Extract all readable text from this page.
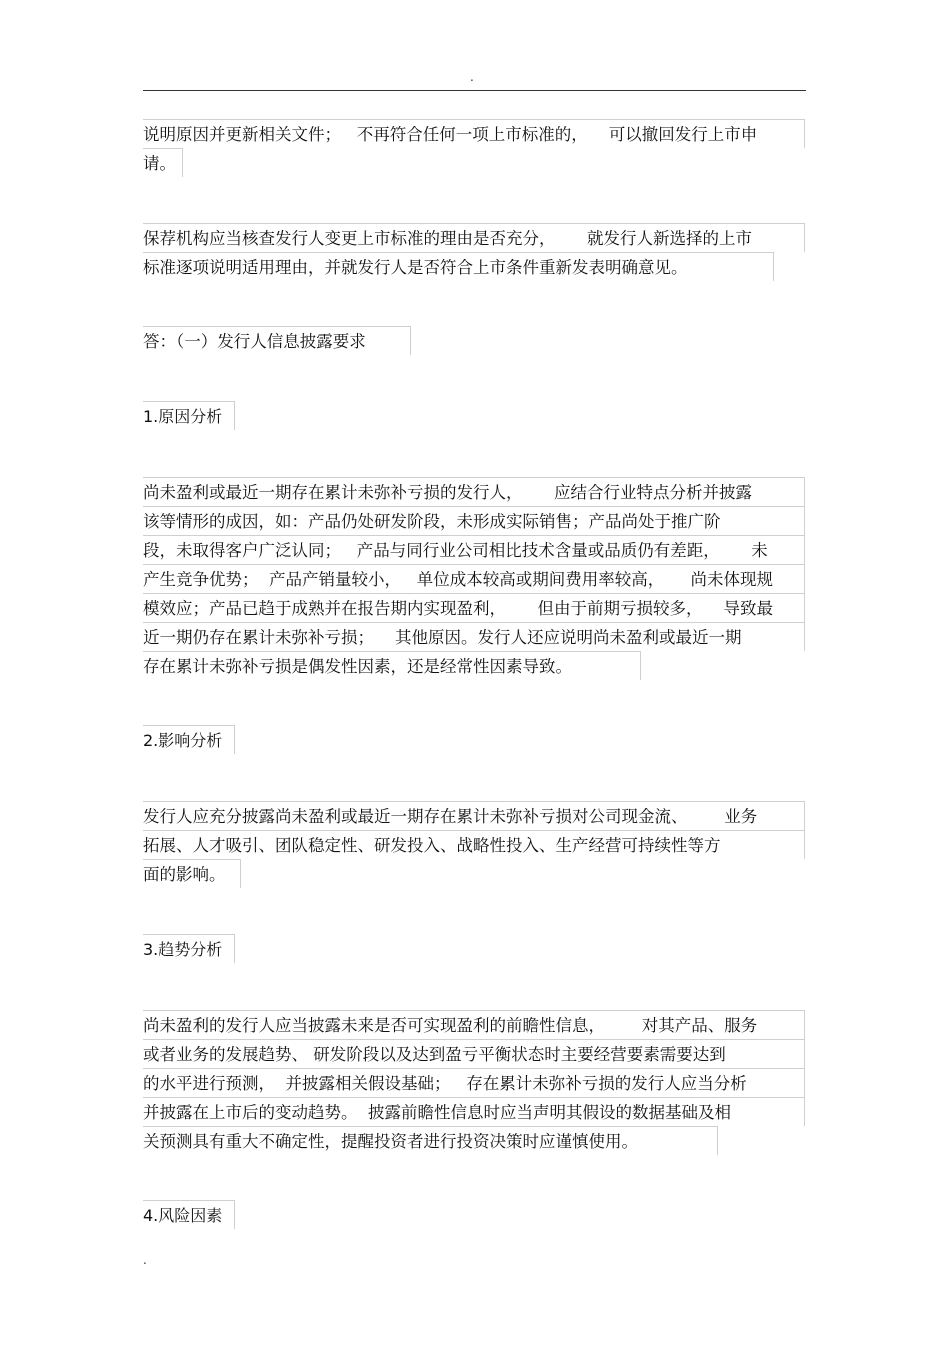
.
说明原因并更新相关文件；   不再符合任何一项上市标准的，    可以撤回发行上市申
请。
保荐机构应当核查发行人变更上市标准的理由是否充分，      就发行人新选择的上市
标准逐项说明适用理由，并就发行人是否符合上市条件重新发表明确意见。
答：（一）发行人信息披露要求
1.原因分析
尚未盈利或最近一期存在累计未弥补亏损的发行人，      应结合行业特点分析并披露
该等情形的成因，如：产品仍处研发阶段，未形成实际销售；产品尚处于推广阶
段，未取得客户广泛认同；   产品与同行业公司相比技术含量或品质仍有差距，      未
产生竞争优势；  产品产销量较小，   单位成本较高或期间费用率较高，     尚未体现规
模效应；产品已趋于成熟并在报告期内实现盈利，      但由于前期亏损较多，    导致最
近一期仍存在累计未弥补亏损；    其他原因。发行人还应说明尚未盈利或最近一期
存在累计未弥补亏损是偶发性因素，还是经常性因素导致。
2.影响分析
发行人应充分披露尚未盈利或最近一期存在累计未弥补亏损对公司现金流、       业务
拓展、人才吸引、团队稳定性、研发投入、战略性投入、生产经营可持续性等方
面的影响。
3.趋势分析
尚未盈利的发行人应当披露未来是否可实现盈利的前瞻性信息，       对其产品、服务
或者业务的发展趋势、 研发阶段以及达到盈亏平衡状态时主要经营要素需要达到
的水平进行预测，  并披露相关假设基础；   存在累计未弥补亏损的发行人应当分析
并披露在上市后的变动趋势。  披露前瞻性信息时应当声明其假设的数据基础及相
关预测具有重大不确定性，提醒投资者进行投资决策时应谨慎使用。
4.风险因素
.
